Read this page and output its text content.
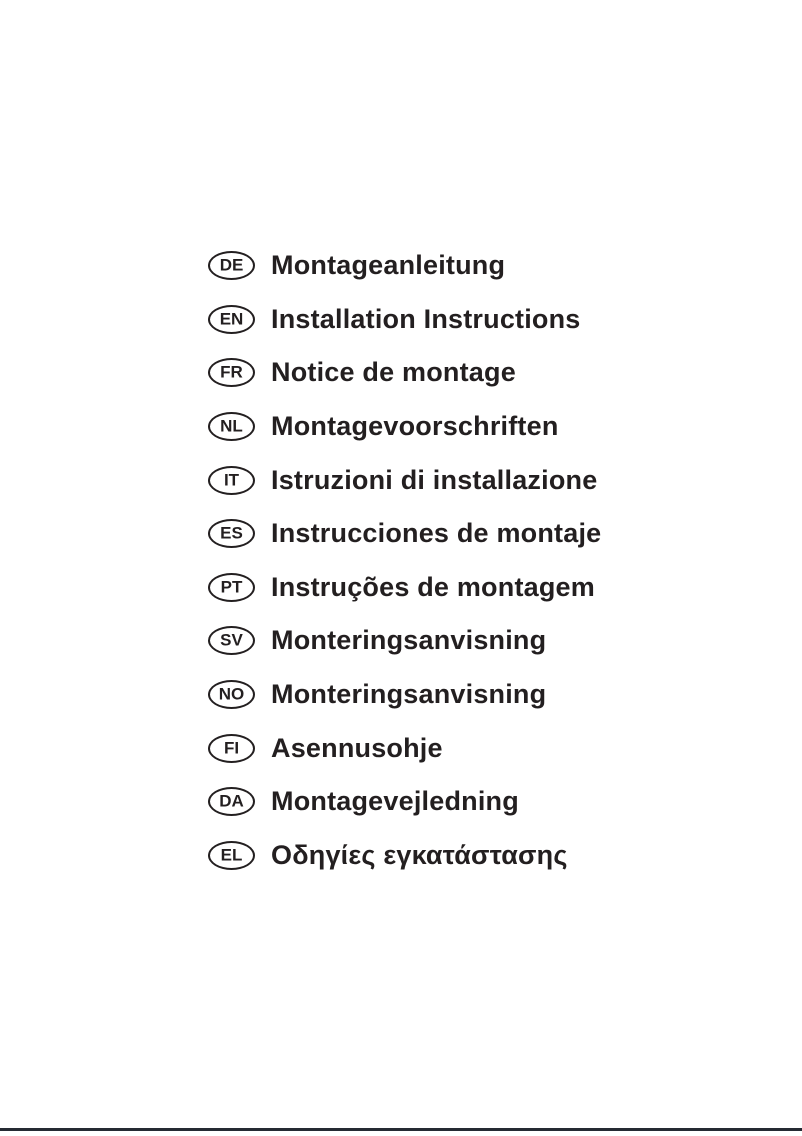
DE Montageanleitung
EN Installation Instructions
FR Notice de montage
NL Montagevoorschriften
IT Istruzioni di installazione
ES Instrucciones de montaje
PT Instruções de montagem
SV Monteringsanvisning
NO Monteringsanvisning
FI Asennusohje
DA Montagevejledning
EL Οδηγίες εγκατάστασης
